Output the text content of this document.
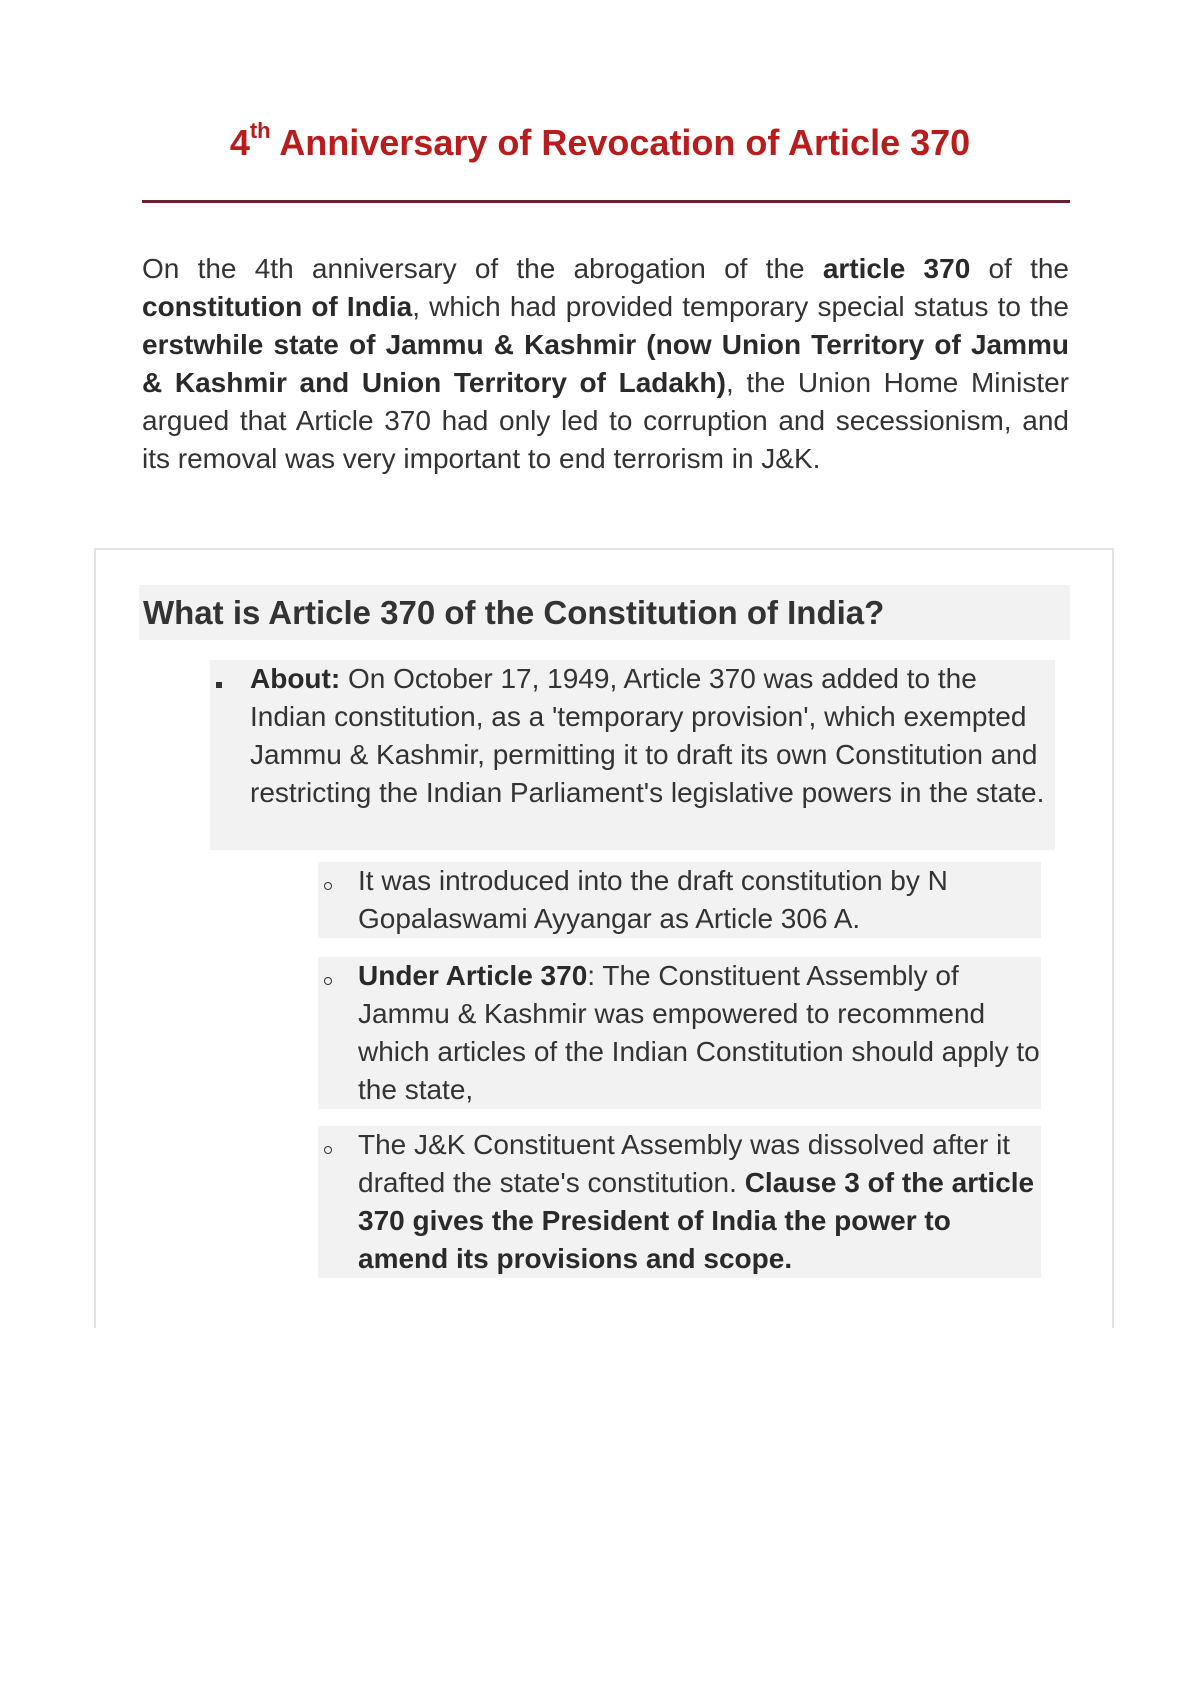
4th Anniversary of Revocation of Article 370

On the 4th anniversary of the abrogation of the article 370 of the constitution of India, which had provided temporary special status to the erstwhile state of Jammu & Kashmir (now Union Territory of Jammu & Kashmir and Union Territory of Ladakh), the Union Home Minister argued that Article 370 had only led to corruption and secessionism, and its removal was very important to end terrorism in J&K.

What is Article 370 of the Constitution of India?
About: On October 17, 1949, Article 370 was added to the Indian constitution, as a 'temporary provision', which exempted Jammu & Kashmir, permitting it to draft its own Constitution and restricting the Indian Parliament's legislative powers in the state.
It was introduced into the draft constitution by N Gopalaswami Ayyangar as Article 306 A.
Under Article 370: The Constituent Assembly of Jammu & Kashmir was empowered to recommend which articles of the Indian Constitution should apply to the state,
The J&K Constituent Assembly was dissolved after it drafted the state's constitution. Clause 3 of the article 370 gives the President of India the power to amend its provisions and scope.
